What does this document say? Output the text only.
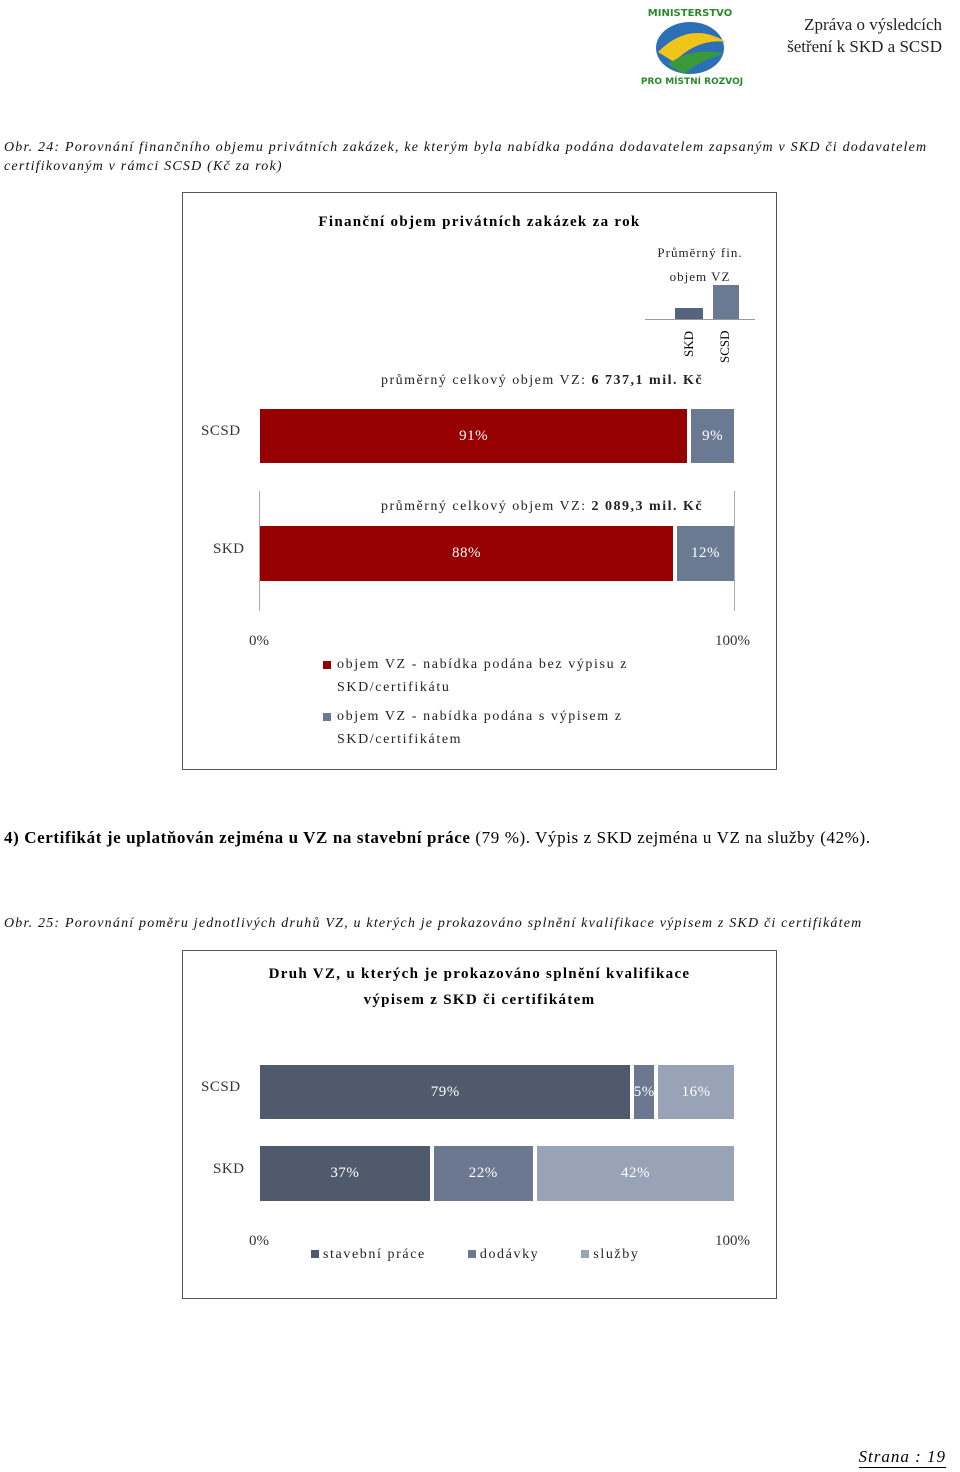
MINISTERSTVO
PRO MÍSTNÍ ROZVOJ
Zpráva o výsledcích
šetření k SKD a SCSD
Obr. 24: Porovnání finančního objemu privátních zakázek, ke kterým byla nabídka podána dodavatelem zapsaným v SKD či dodavatelem certifikovaným v rámci SCSD (Kč za rok)
Finanční objem privátních zakázek za rok
Průměrný fin.
objem VZ
SKD SCSD
průměrný celkový objem VZ: 6 737,1 mil. Kč
SCSD	91%	9%
průměrný celkový objem VZ: 2 089,3 mil. Kč
SKD	88%	12%
0%	100%
objem VZ - nabídka podána bez výpisu z SKD/certifikátu
objem VZ - nabídka podána s výpisem z SKD/certifikátem
4) Certifikát je uplatňován zejména u VZ na stavební práce (79 %). Výpis z SKD zejména u VZ na služby (42%).
Obr. 25: Porovnání poměru jednotlivých druhů VZ, u kterých je prokazováno splnění kvalifikace výpisem z SKD či certifikátem
Druh VZ, u kterých je prokazováno splnění kvalifikace
výpisem z SKD či certifikátem
SCSD	79%	5%	16%
SKD	37%	22%	42%
0%	100%
stavební práce	dodávky	služby
Strana : 19
